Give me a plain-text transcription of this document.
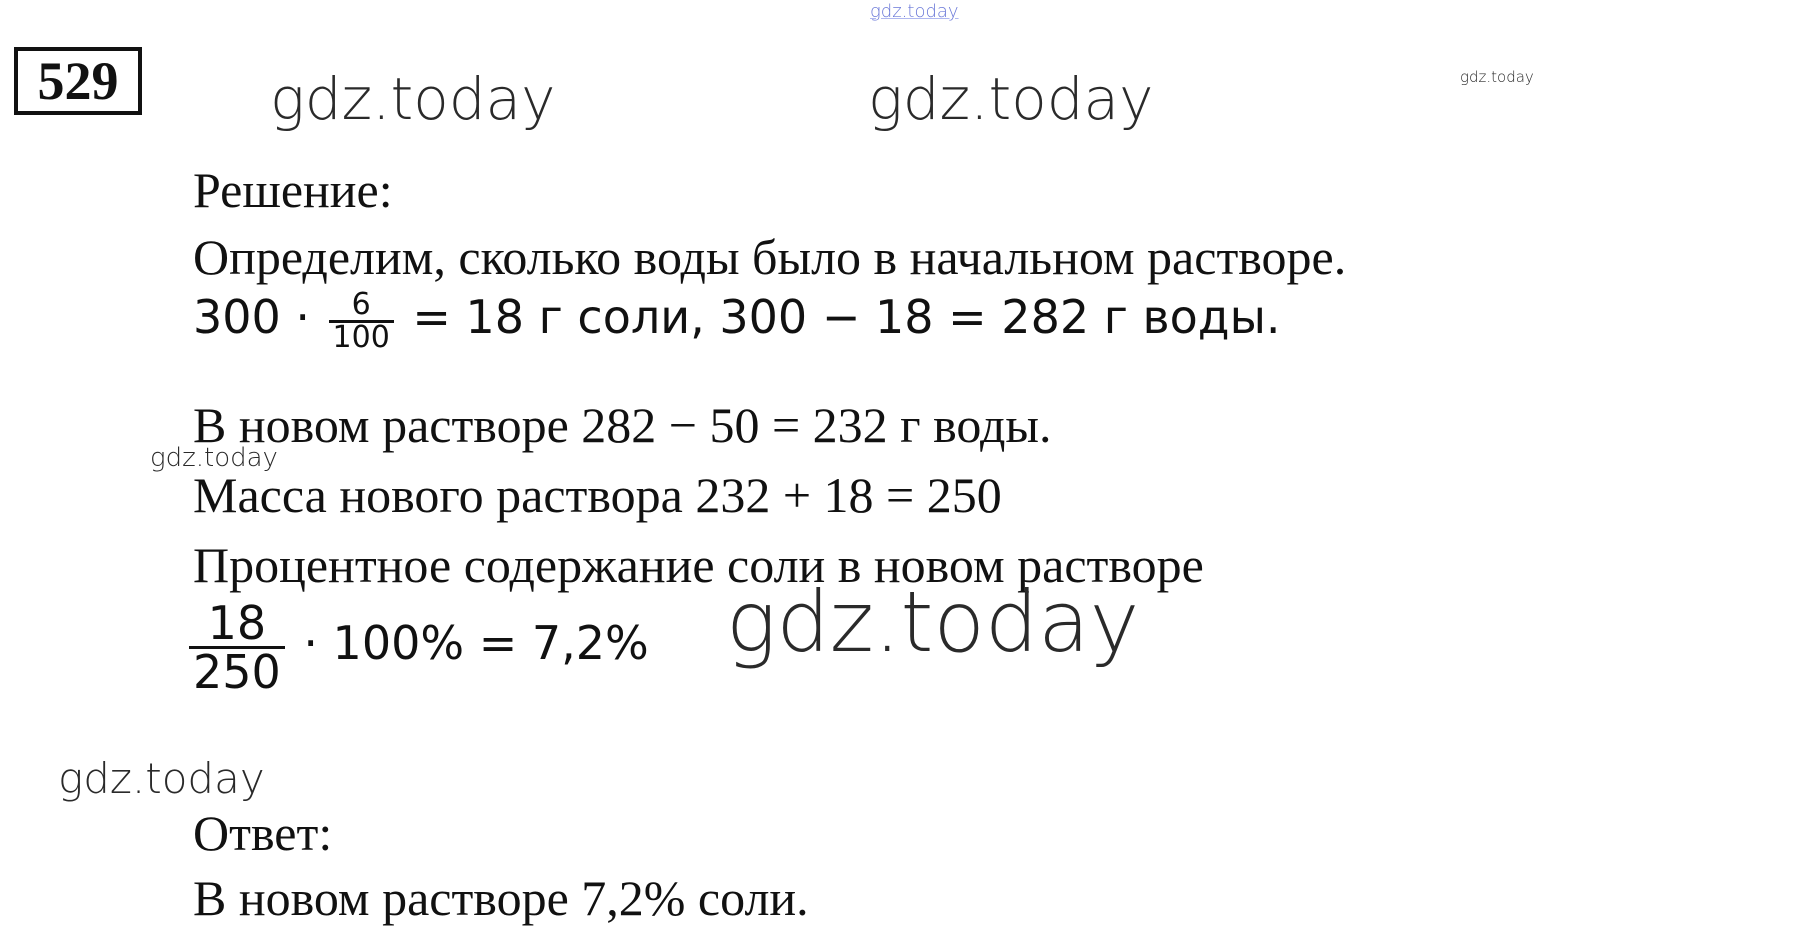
gdz.today
gdz.today
529	gdz.today	gdz.today
Решение:
Определим, сколько воды было в начальном растворе.
$300 \cdot \frac{6}{100} = 18$ г соли, 300 − 18 = 282 г воды.
В новом растворе 282 − 50 = 232 г воды.
gdz.today
Масса нового раствора 232 + 18 = 250
Процентное содержание соли в новом растворе
$\frac{18}{250} \cdot 100\% = 7,2\%$ gdz.today
gdz.today
Ответ:
В новом растворе 7,2% соли.
